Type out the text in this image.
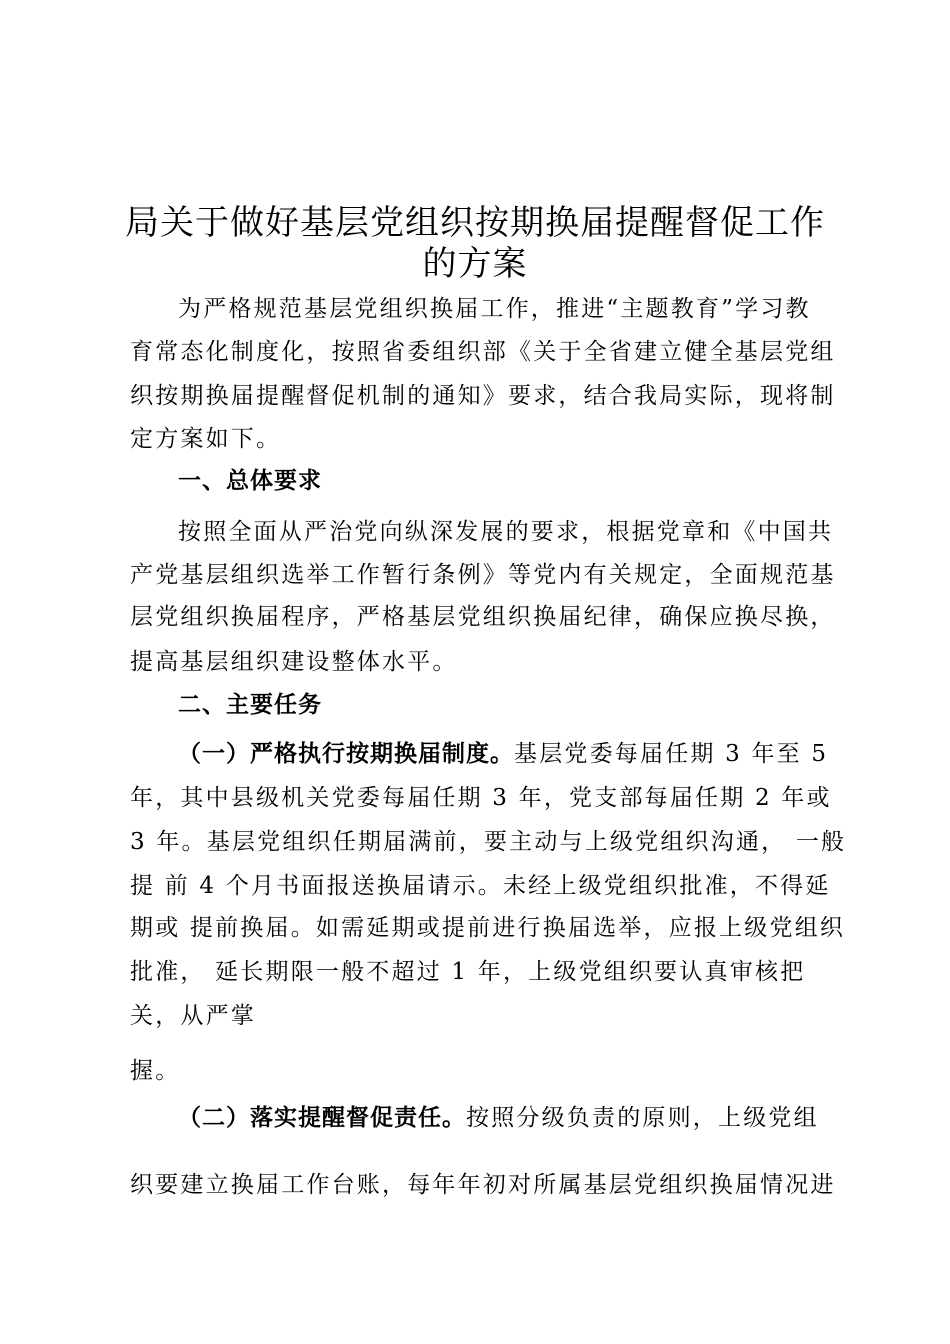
局关于做好基层党组织按期换届提醒督促工作
的方案
为严格规范基层党组织换届工作，推进“主题教育”学习教
育常态化制度化，按照省委组织部《关于全省建立健全基层党组
织按期换届提醒督促机制的通知》要求，结合我局实际，现将制
定方案如下。
一、总体要求
按照全面从严治党向纵深发展的要求，根据党章和《中国共
产党基层组织选举工作暂行条例》等党内有关规定，全面规范基
层党组织换届程序，严格基层党组织换届纪律，确保应换尽换，
提高基层组织建设整体水平。
二、主要任务
（一）严格执行按期换届制度。基层党委每届任期 3 年至 5
年，其中县级机关党委每届任期 3 年，党支部每届任期 2 年或
3 年。基层党组织任期届满前，要主动与上级党组织沟通， 一般
提 前 4 个月书面报送换届请示。未经上级党组织批准，不得延
期或 提前换届。如需延期或提前进行换届选举，应报上级党组织
批准， 延长期限一般不超过 1 年，上级党组织要认真审核把
关，从严掌
握。
（二）落实提醒督促责任。按照分级负责的原则，上级党组
织要建立换届工作台账，每年年初对所属基层党组织换届情况进
